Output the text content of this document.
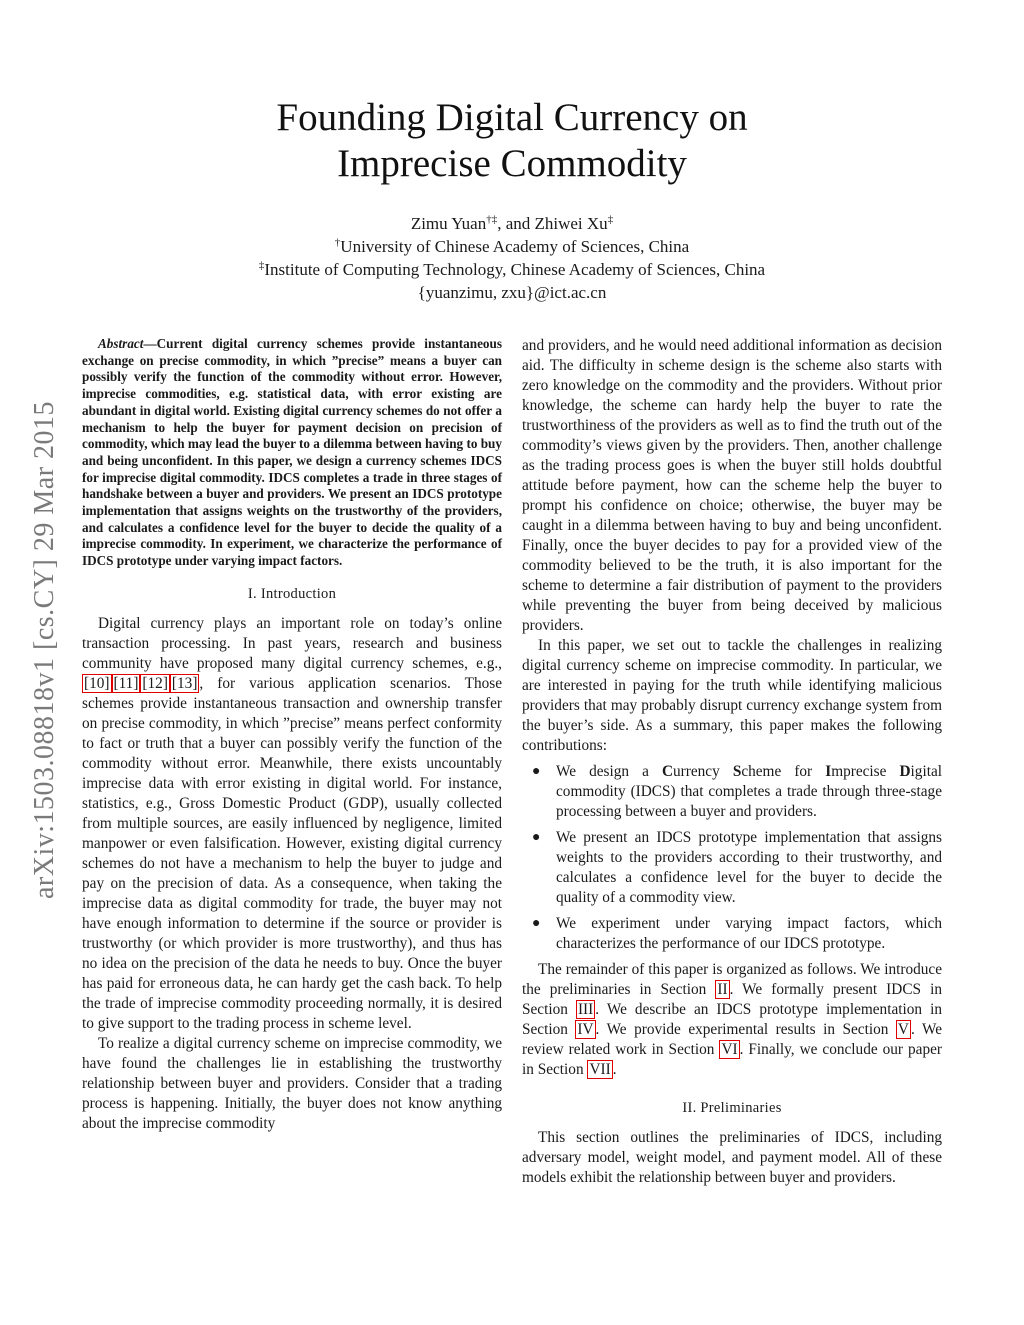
arXiv:1503.08818v1 [cs.CY] 29 Mar 2015
Founding Digital Currency on
Imprecise Commodity
Zimu Yuan†‡, and Zhiwei Xu‡
†University of Chinese Academy of Sciences, China
‡Institute of Computing Technology, Chinese Academy of Sciences, China
{yuanzimu, zxu}@ict.ac.cn

Abstract—Current digital currency schemes provide instantaneous exchange on precise commodity, in which ”precise” means a buyer can possibly verify the function of the commodity without error. However, imprecise commodities, e.g. statistical data, with error existing are abundant in digital world. Existing digital currency schemes do not offer a mechanism to help the buyer for payment decision on precision of commodity, which may lead the buyer to a dilemma between having to buy and being unconfident. In this paper, we design a currency schemes IDCS for imprecise digital commodity. IDCS completes a trade in three stages of handshake between a buyer and providers. We present an IDCS prototype implementation that assigns weights on the trustworthy of the providers, and calculates a confidence level for the buyer to decide the quality of a imprecise commodity. In experiment, we characterize the performance of IDCS prototype under varying impact factors.

I. Introduction

Digital currency plays an important role on today’s online transaction processing. In past years, research and business community have proposed many digital currency schemes, e.g., [10] [11] [12] [13] , for various application scenarios. Those schemes provide instantaneous transaction and ownership transfer on precise commodity, in which ”precise” means perfect conformity to fact or truth that a buyer can possibly verify the function of the commodity without error. Meanwhile, there exists uncountably imprecise data with error existing in digital world. For instance, statistics, e.g., Gross Domestic Product (GDP), usually collected from multiple sources, are easily influenced by negligence, limited manpower or even falsification. However, existing digital currency schemes do not have a mechanism to help the buyer to judge and pay on the precision of data. As a consequence, when taking the imprecise data as digital commodity for trade, the buyer may not have enough information to determine if the source or provider is trustworthy (or which provider is more trustworthy), and thus has no idea on the precision of the data he needs to buy. Once the buyer has paid for erroneous data, he can hardy get the cash back. To help the trade of imprecise commodity proceeding normally, it is desired to give support to the trading process in scheme level.

To realize a digital currency scheme on imprecise commodity, we have found the challenges lie in establishing the trustworthy relationship between buyer and providers. Consider that a trading process is happening. Initially, the buyer does not know anything about the imprecise commodity

and providers, and he would need additional information as decision aid. The difficulty in scheme design is the scheme also starts with zero knowledge on the commodity and the providers. Without prior knowledge, the scheme can hardy help the buyer to rate the trustworthiness of the providers as well as to find the truth out of the commodity’s views given by the providers. Then, another challenge as the trading process goes is when the buyer still holds doubtful attitude before payment, how can the scheme help the buyer to prompt his confidence on choice; otherwise, the buyer may be caught in a dilemma between having to buy and being unconfident. Finally, once the buyer decides to pay for a provided view of the commodity believed to be the truth, it is also important for the scheme to determine a fair distribution of payment to the providers while preventing the buyer from being deceived by malicious providers.

In this paper, we set out to tackle the challenges in realizing digital currency scheme on imprecise commodity. In particular, we are interested in paying for the truth while identifying malicious providers that may probably disrupt currency exchange system from the buyer’s side. As a summary, this paper makes the following contributions:

● We design a Currency Scheme for Imprecise Digital commodity (IDCS) that completes a trade through three-stage processing between a buyer and providers.
● We present an IDCS prototype implementation that assigns weights to the providers according to their trustworthy, and calculates a confidence level for the buyer to decide the quality of a commodity view.
● We experiment under varying impact factors, which characterizes the performance of our IDCS prototype.

The remainder of this paper is organized as follows. We introduce the preliminaries in Section II . We formally present IDCS in Section III . We describe an IDCS prototype implementation in Section IV . We provide experimental results in Section V . We review related work in Section VI . Finally, we conclude our paper in Section VII .

II. Preliminaries

This section outlines the preliminaries of IDCS, including adversary model, weight model, and payment model. All of these models exhibit the relationship between buyer and providers.
